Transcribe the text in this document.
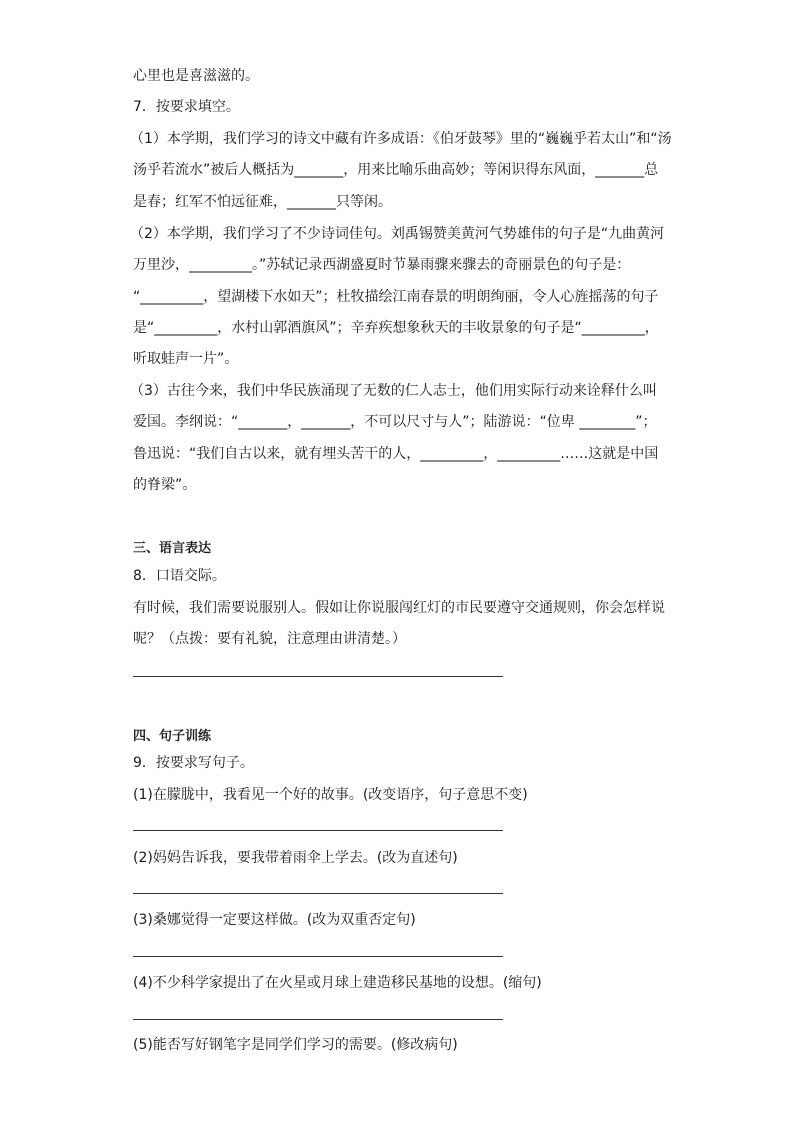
心里也是喜滋滋的。
7．按要求填空。
（1）本学期，我们学习的诗文中藏有许多成语：《伯牙鼓琴》里的“巍巍乎若太山”和“汤
汤乎若流水”被后人概括为_______，用来比喻乐曲高妙；等闲识得东风面，_______总
是春；红军不怕远征难，_______只等闲。
（2）本学期，我们学习了不少诗词佳句。刘禹锡赞美黄河气势雄伟的句子是“九曲黄河
万里沙，_________。”苏轼记录西湖盛夏时节暴雨骤来骤去的奇丽景色的句子是：
“_________，望湖楼下水如天”；杜牧描绘江南春景的明朗绚丽，令人心旌摇荡的句子
是“_________，水村山郭酒旗风”；辛弃疾想象秋天的丰收景象的句子是“_________，
听取蛙声一片”。
（3）古往今来，我们中华民族涌现了无数的仁人志士，他们用实际行动来诠释什么叫
爱国。李纲说：“_______，_______，不可以尺寸与人”；陆游说：“位卑 ________”；
鲁迅说：“我们自古以来，就有埋头苦干的人，_________，_________……这就是中国
的脊梁”。
三、语言表达
8．口语交际。
有时候，我们需要说服别人。假如让你说服闯红灯的市民要遵守交通规则，你会怎样说
呢？（点拨：要有礼貌，注意理由讲清楚。）
四、句子训练
9．按要求写句子。
(1)在朦胧中，我看见一个好的故事。(改变语序，句子意思不变)
(2)妈妈告诉我，要我带着雨伞上学去。(改为直述句)
(3)桑娜觉得一定要这样做。(改为双重否定句)
(4)不少科学家提出了在火星或月球上建造移民基地的设想。(缩句)
(5)能否写好钢笔字是同学们学习的需要。(修改病句)
